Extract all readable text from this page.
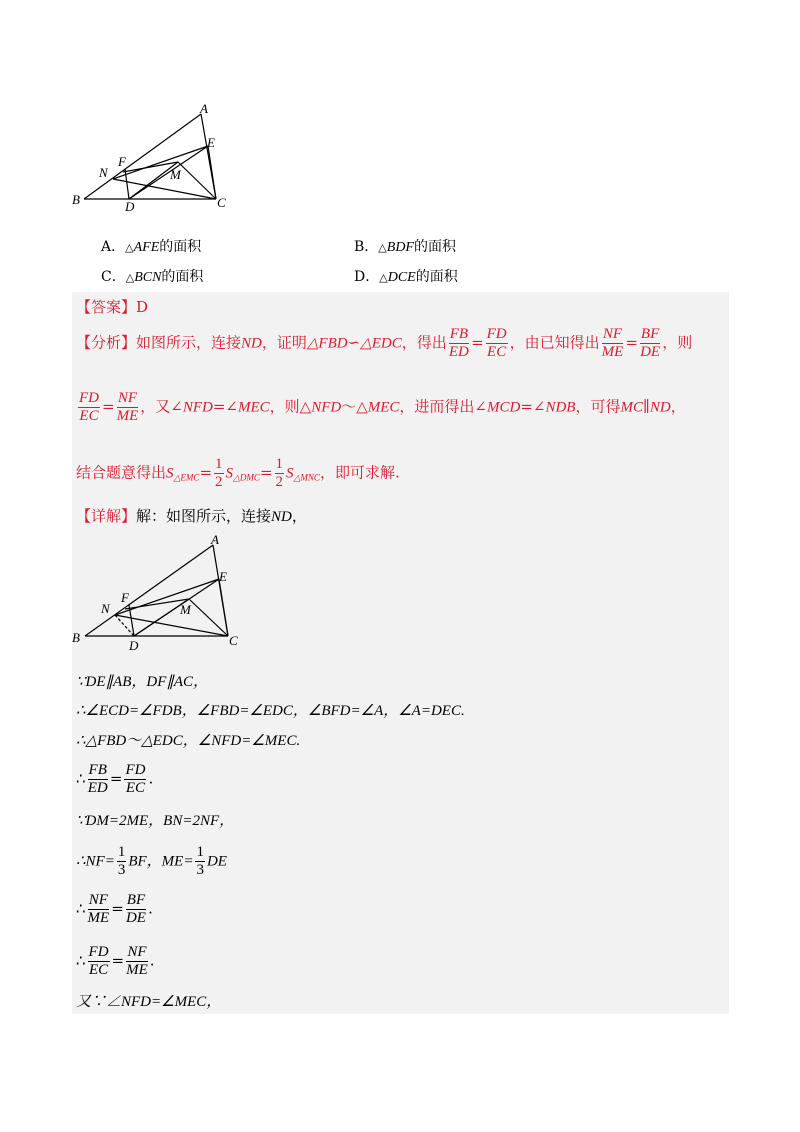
A
B	C
D
E
F
M
N
A．△AFE的面积	B．△BDF的面积
C．△BCN的面积	D．△DCE的面积
【答案】D
【分析】如图所示，连接ND，证明△FBD∽△EDC，得出 $\frac{FB}{ED} = \frac{FD}{EC}$ ，由已知得出 $\frac{NF}{ME} = \frac{BF}{DE}$ ，则
$\frac{FD}{EC} = \frac{NF}{ME}$ ，又∠NFD=∠MEC，则△NFD～△MEC，进而得出∠MCD=∠NDB，可得MC∥ND，
结合题意得出$S_{\triangle EMC}= \frac{1}{2} S_{\triangle DMC}= \frac{1}{2} S_{\triangle MNC}$，即可求解.
【详解】解：如图所示，连接ND，
A
B	C
D
E
F
M
N
∵DE∥AB，DF∥AC，
∴∠ECD=∠FDB，∠FBD=∠EDC，∠BFD=∠A，∠A=DEC.
∴△FBD～△EDC，∠NFD=∠MEC.
∴ $\frac{FB}{ED} = \frac{FD}{EC}$ .
∵DM=2ME，BN=2NF，
∴NF= $\frac{1}{3}$ BF，$ME= \frac{1}{3}$ DE
∴ $\frac{NF}{ME} = \frac{BF}{DE}$ .
∴ $\frac{FD}{EC} = \frac{NF}{ME}$ .
又∵∠NFD=∠MEC，
